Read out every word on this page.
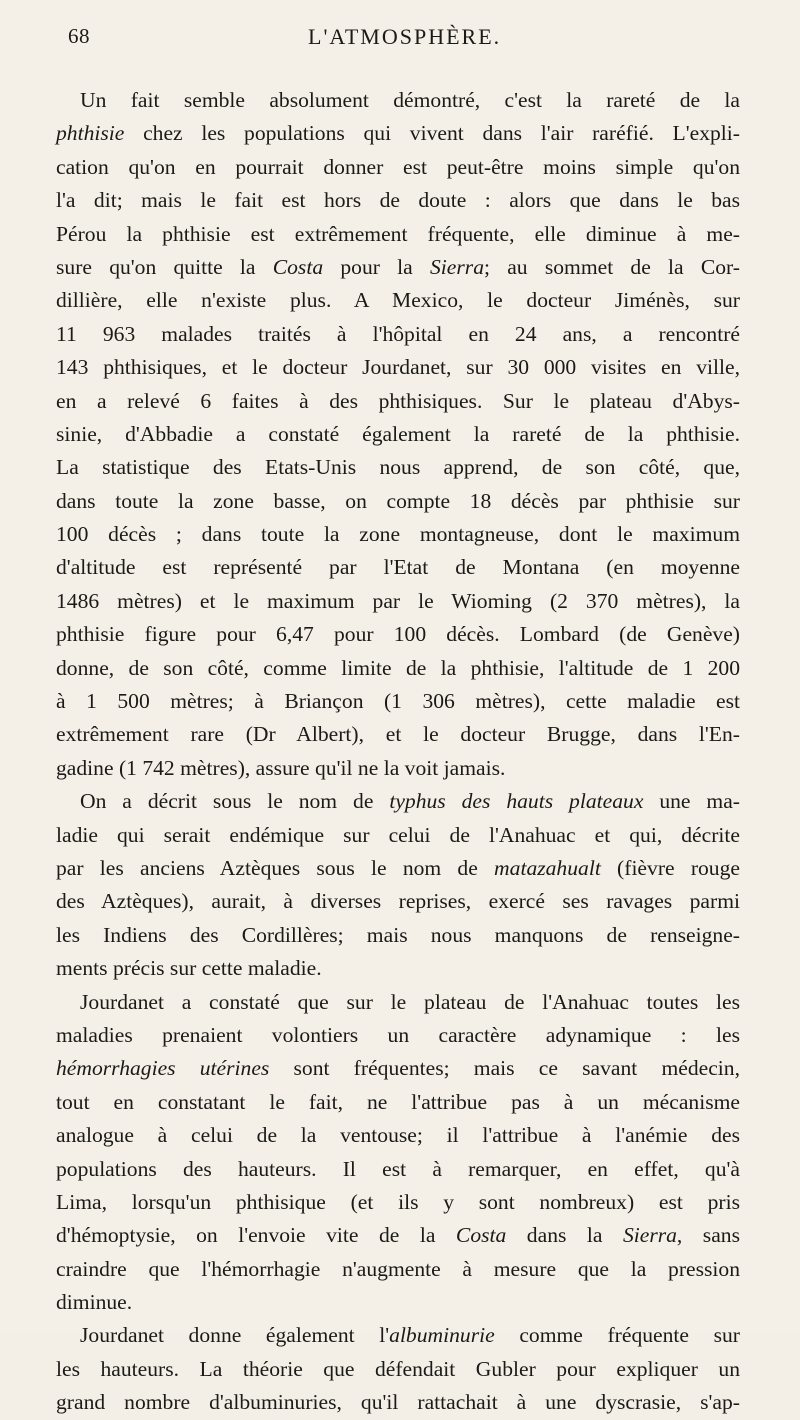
68	L'ATMOSPHÈRE.
Un fait semble absolument démontré, c'est la rareté de la
phthisie chez les populations qui vivent dans l'air raréfié. L'expli-
cation qu'on en pourrait donner est peut-être moins simple qu'on
l'a dit; mais le fait est hors de doute : alors que dans le bas
Pérou la phthisie est extrêmement fréquente, elle diminue à me-
sure qu'on quitte la Costa pour la Sierra; au sommet de la Cor-
dillière, elle n'existe plus. A Mexico, le docteur Jiménès, sur
11 963 malades traités à l'hôpital en 24 ans, a rencontré
143 phthisiques, et le docteur Jourdanet, sur 30 000 visites en ville,
en a relevé 6 faites à des phthisiques. Sur le plateau d'Abys-
sinie, d'Abbadie a constaté également la rareté de la phthisie.
La statistique des Etats-Unis nous apprend, de son côté, que,
dans toute la zone basse, on compte 18 décès par phthisie sur
100 décès ; dans toute la zone montagneuse, dont le maximum
d'altitude est représenté par l'Etat de Montana (en moyenne
1486 mètres) et le maximum par le Wioming (2 370 mètres), la
phthisie figure pour 6,47 pour 100 décès. Lombard (de Genève)
donne, de son côté, comme limite de la phthisie, l'altitude de 1 200
à 1 500 mètres; à Briançon (1 306 mètres), cette maladie est
extrêmement rare (Dr Albert), et le docteur Brugge, dans l'En-
gadine (1 742 mètres), assure qu'il ne la voit jamais.
On a décrit sous le nom de typhus des hauts plateaux une ma-
ladie qui serait endémique sur celui de l'Anahuac et qui, décrite
par les anciens Aztèques sous le nom de matazahualt (fièvre rouge
des Aztèques), aurait, à diverses reprises, exercé ses ravages parmi
les Indiens des Cordillères; mais nous manquons de renseigne-
ments précis sur cette maladie.
Jourdanet a constaté que sur le plateau de l'Anahuac toutes les
maladies prenaient volontiers un caractère adynamique : les
hémorrhagies utérines sont fréquentes; mais ce savant médecin,
tout en constatant le fait, ne l'attribue pas à un mécanisme
analogue à celui de la ventouse; il l'attribue à l'anémie des
populations des hauteurs. Il est à remarquer, en effet, qu'à
Lima, lorsqu'un phthisique (et ils y sont nombreux) est pris
d'hémoptysie, on l'envoie vite de la Costa dans la Sierra, sans
craindre que l'hémorrhagie n'augmente à mesure que la pression
diminue.
Jourdanet donne également l'albuminurie comme fréquente sur
les hauteurs. La théorie que défendait Gubler pour expliquer un
grand nombre d'albuminuries, qu'il rattachait à une dyscrasie, s'ap-
